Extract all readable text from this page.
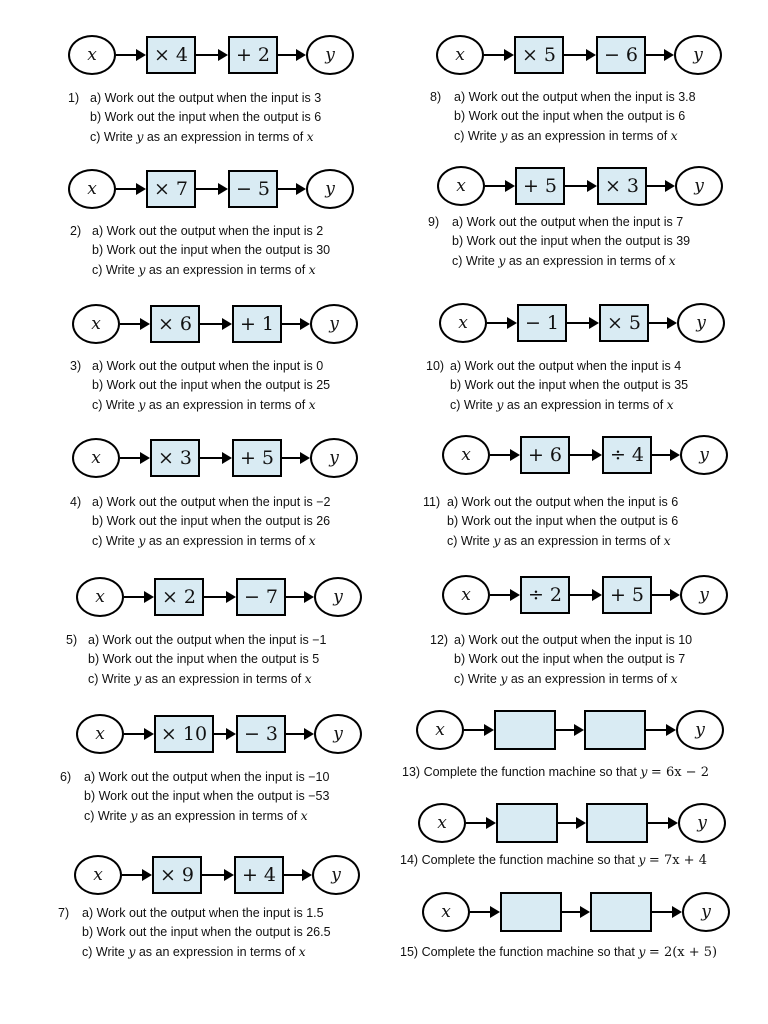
x	× 4	+ 2	y
1) a) Work out the output when the input is 3
b) Work out the input when the output is 6
c) Write y as an expression in terms of x
x	× 7	− 5	y
2) a) Work out the output when the input is 2
b) Work out the input when the output is 30
c) Write y as an expression in terms of x
x	× 6	+ 1	y
3) a) Work out the output when the input is 0
b) Work out the input when the output is 25
c) Write y as an expression in terms of x
x	× 3	+ 5	y
4) a) Work out the output when the input is −2
b) Work out the input when the output is 26
c) Write y as an expression in terms of x
x	× 2	− 7	y
5) a) Work out the output when the input is −1
b) Work out the input when the output is 5
c) Write y as an expression in terms of x
x	× 10	− 3	y
6) a) Work out the output when the input is −10
b) Work out the input when the output is −53
c) Write y as an expression in terms of x
x	× 9	+ 4	y
7) a) Work out the output when the input is 1.5
b) Work out the input when the output is 26.5
c) Write y as an expression in terms of x
x	× 5	− 6	y
8) a) Work out the output when the input is 3.8
b) Work out the input when the output is 6
c) Write y as an expression in terms of x
x	+ 5	× 3	y
9) a) Work out the output when the input is 7
b) Work out the input when the output is 39
c) Write y as an expression in terms of x
x	− 1	× 5	y
10) a) Work out the output when the input is 4
b) Work out the input when the output is 35
c) Write y as an expression in terms of x
x	+ 6	÷ 4	y
11) a) Work out the output when the input is 6
b) Work out the input when the output is 6
c) Write y as an expression in terms of x
x	÷ 2	+ 5	y
12) a) Work out the output when the input is 10
b) Work out the input when the output is 7
c) Write y as an expression in terms of x
x	y
13) Complete the function machine so that y = 6x − 2
x	y
14) Complete the function machine so that y = 7x + 4
x	y
15) Complete the function machine so that y = 2(x + 5)
